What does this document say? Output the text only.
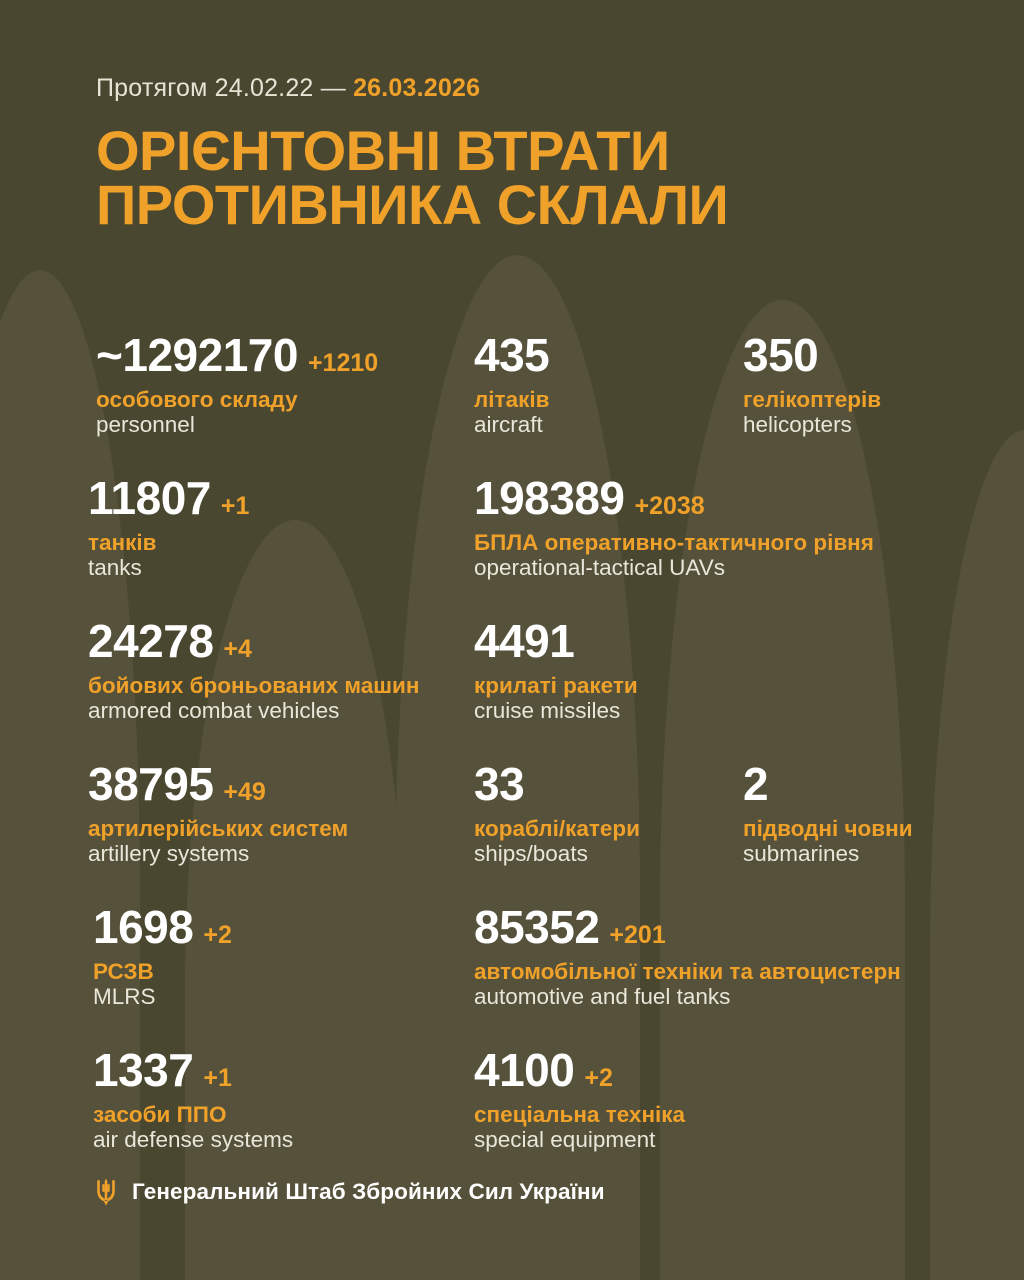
Протягом 24.02.22 — 26.03.2026
ОРІЄНТОВНІ ВТРАТИ
ПРОТИВНИКА СКЛАЛИ
~1292170 +1210
особового складу
personnel
435
літаків
aircraft
350
гелікоптерів
helicopters
11807 +1
танків
tanks
198389 +2038
БПЛА оперативно-тактичного рівня
operational-tactical UAVs
24278 +4
бойових броньованих машин
armored combat vehicles
4491
крилаті ракети
cruise missiles
38795 +49
артилерійських систем
artillery systems
33
кораблі/катери
ships/boats
2
підводні човни
submarines
1698 +2
РСЗВ
MLRS
85352 +201
автомобільної техніки та автоцистерн
automotive and fuel tanks
1337 +1
засоби ППО
air defense systems
4100 +2
спеціальна техніка
special equipment
Генеральний Штаб Збройних Сил України
